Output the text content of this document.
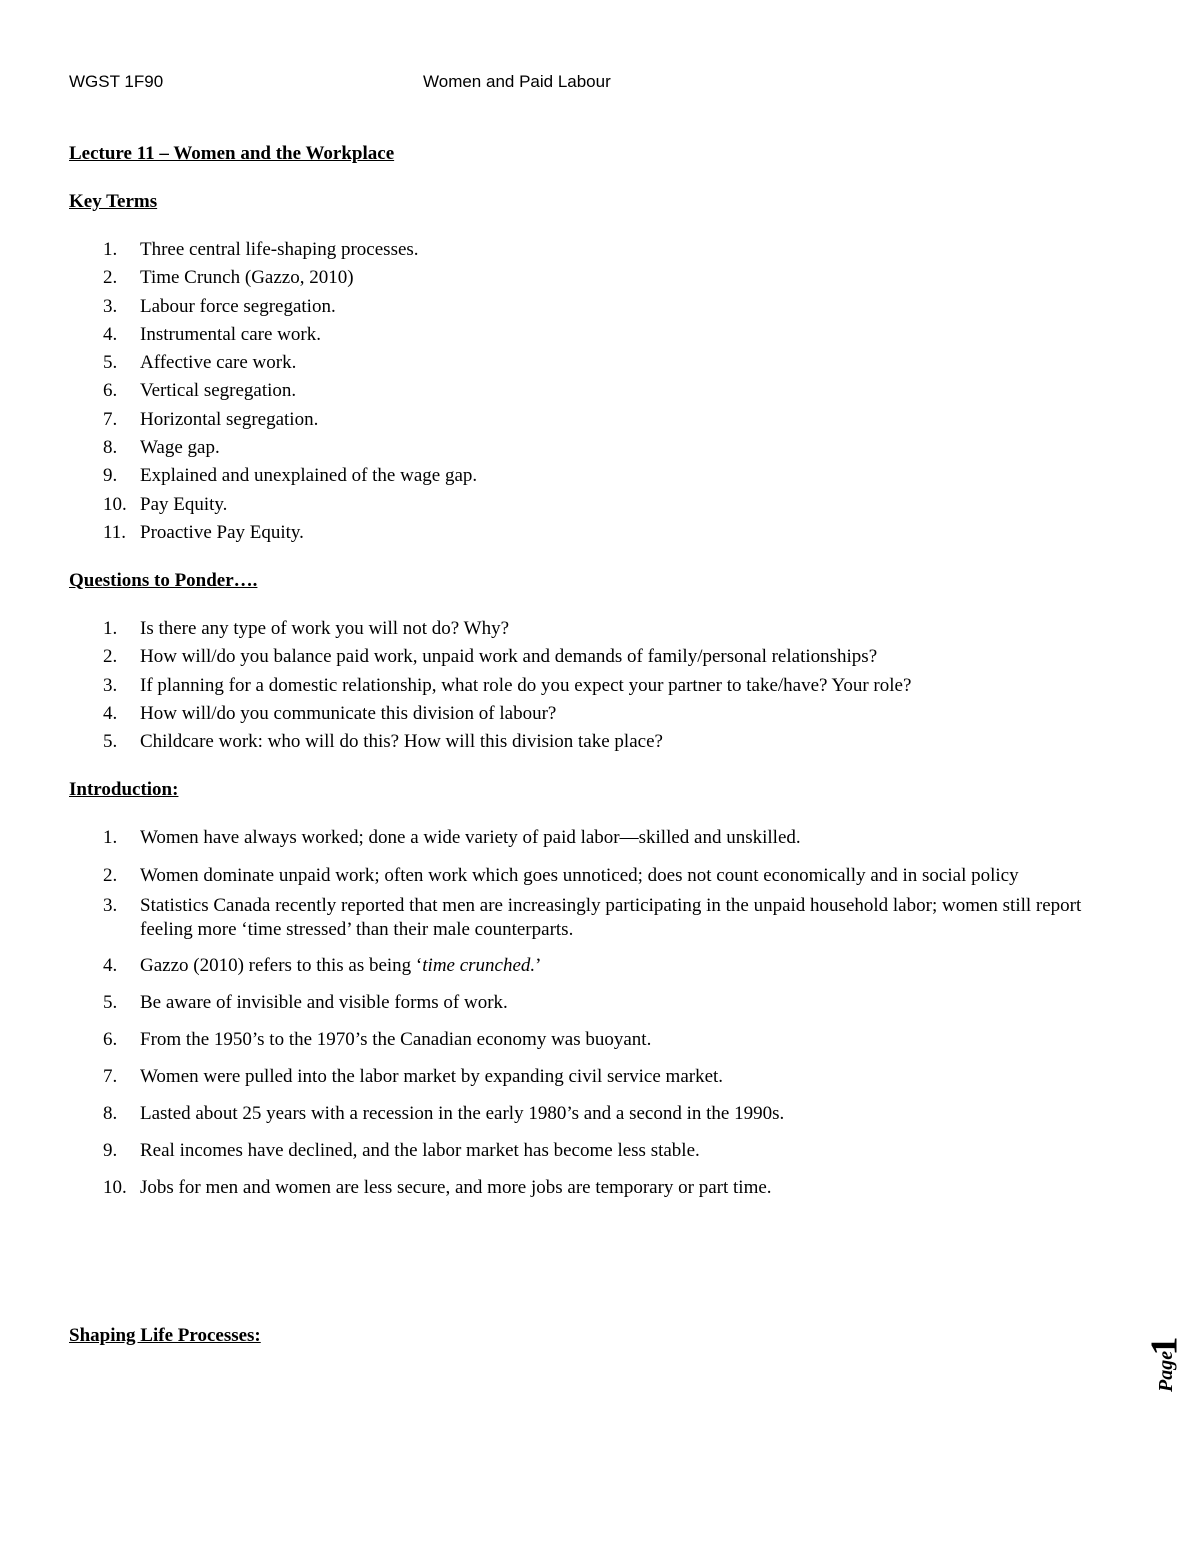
WGST 1F90	Women and Paid Labour

Lecture 11 – Women and the Workplace

Key Terms

1. Three central life-shaping processes.
2. Time Crunch (Gazzo, 2010)
3. Labour force segregation.
4. Instrumental care work.
5. Affective care work.
6. Vertical segregation.
7. Horizontal segregation.
8. Wage gap.
9. Explained and unexplained of the wage gap.
10. Pay Equity.
11. Proactive Pay Equity.

Questions to Ponder….

1. Is there any type of work you will not do? Why?
2. How will/do you balance paid work, unpaid work and demands of family/personal relationships?
3. If planning for a domestic relationship, what role do you expect your partner to take/have? Your role?
4. How will/do you communicate this division of labour?
5. Childcare work: who will do this? How will this division take place?

Introduction:

1. Women have always worked; done a wide variety of paid labor—skilled and unskilled.
2. Women dominate unpaid work; often work which goes unnoticed; does not count economically and in social policy
3. Statistics Canada recently reported that men are increasingly participating in the unpaid household labor; women still report feeling more ‘time stressed’ than their male counterparts.
4. Gazzo (2010) refers to this as being ‘time crunched.’
5. Be aware of invisible and visible forms of work.
6. From the 1950’s to the 1970’s the Canadian economy was buoyant.
7. Women were pulled into the labor market by expanding civil service market.
8. Lasted about 25 years with a recession in the early 1980’s and a second in the 1990s.
9. Real incomes have declined, and the labor market has become less stable.
10. Jobs for men and women are less secure, and more jobs are temporary or part time.

Shaping Life Processes:	1
Page
